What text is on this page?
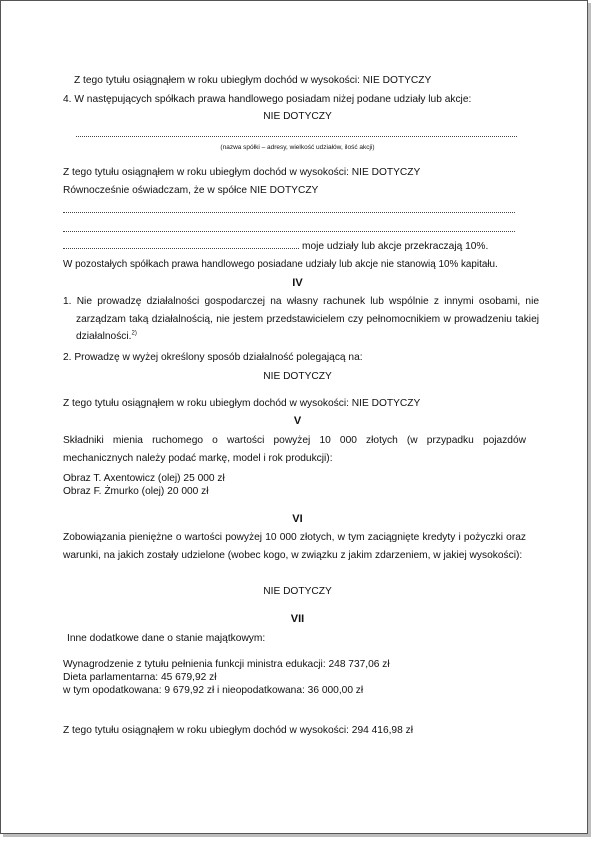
Z tego tytułu osiągnąłem w roku ubiegłym dochód w wysokości: NIE DOTYCZY
4. W następujących spółkach prawa handlowego posiadam niżej podane udziały lub akcje:
NIE DOTYCZY
(nazwa spółki – adresy, wielkość udziałów, ilość akcji)
Z tego tytułu osiągnąłem w roku ubiegłym dochód w wysokości: NIE DOTYCZY
Równocześnie oświadczam, że w spółce NIE DOTYCZY
moje udziały lub akcje przekraczają 10%.
W pozostałych spółkach prawa handlowego posiadane udziały lub akcje nie stanowią 10% kapitału.
IV
1. Nie prowadzę działalności gospodarczej na własny rachunek lub wspólnie z innymi osobami, nie zarządzam taką działalnością, nie jestem przedstawicielem czy pełnomocnikiem w prowadzeniu takiej działalności.$^{2)}$
2. Prowadzę w wyżej określony sposób działalność polegającą na:
NIE DOTYCZY
Z tego tytułu osiągnąłem w roku ubiegłym dochód w wysokości: NIE DOTYCZY
V
Składniki mienia ruchomego o wartości powyżej 10 000 złotych (w przypadku pojazdów mechanicznych należy podać markę, model i rok produkcji):
Obraz T. Axentowicz (olej) 25 000 zł
Obraz F. Żmurko (olej) 20 000 zł
VI
Zobowiązania pieniężne o wartości powyżej 10 000 złotych, w tym zaciągnięte kredyty i pożyczki oraz warunki, na jakich zostały udzielone (wobec kogo, w związku z jakim zdarzeniem, w jakiej wysokości):
NIE DOTYCZY
VII
Inne dodatkowe dane o stanie majątkowym:
Wynagrodzenie z tytułu pełnienia funkcji ministra edukacji: 248 737,06 zł
Dieta parlamentarna: 45 679,92 zł
w tym opodatkowana: 9 679,92 zł i nieopodatkowana: 36 000,00 zł
Z tego tytułu osiągnąłem w roku ubiegłym dochód w wysokości: 294 416,98 zł
